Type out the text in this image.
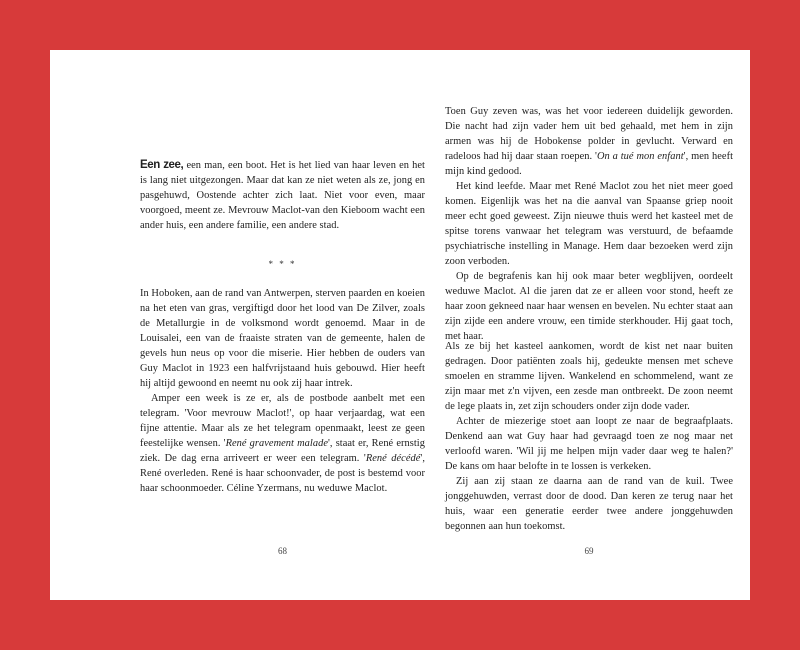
Een zee, een man, een boot. Het is het lied van haar leven en het is lang niet uitgezongen. Maar dat kan ze niet weten als ze, jong en pasgehuwd, Oostende achter zich laat. Niet voor even, maar voorgoed, meent ze. Mevrouw Maclot-van den Kieboom wacht een ander huis, een andere familie, een andere stad.

* * *

In Hoboken, aan de rand van Antwerpen, sterven paarden en koeien na het eten van gras, vergiftigd door het lood van De Zilver, zoals de Metallurgie in de volksmond wordt genoemd. Maar in de Louisalei, een van de fraaiste straten van de gemeente, halen de gevels hun neus op voor die miserie. Hier hebben de ouders van Guy Maclot in 1923 een halfvrijstaand huis gebouwd. Hier heeft hij altijd gewoond en neemt nu ook zij haar intrek.

Amper een week is ze er, als de postbode aanbelt met een telegram. 'Voor mevrouw Maclot!', op haar verjaardag, wat een fijne attentie. Maar als ze het telegram openmaakt, leest ze geen feestelijke wensen. 'René gravement malade', staat er, René ernstig ziek. De dag erna arriveert er weer een telegram. 'René décédé', René overleden. René is haar schoonvader, de post is bestemd voor haar schoonmoeder. Céline Yzermans, nu weduwe Maclot.

68

Toen Guy zeven was, was het voor iedereen duidelijk geworden. Die nacht had zijn vader hem uit bed gehaald, met hem in zijn armen was hij de Hobokense polder in gevlucht. Verward en radeloos had hij daar staan roepen. 'On a tué mon enfant', men heeft mijn kind gedood.

Het kind leefde. Maar met René Maclot zou het niet meer goed komen. Eigenlijk was het na die aanval van Spaanse griep nooit meer echt goed geweest. Zijn nieuwe thuis werd het kasteel met de spitse torens vanwaar het telegram was verstuurd, de befaamde psychiatrische instelling in Manage. Hem daar bezoeken werd zijn zoon verboden.

Op de begrafenis kan hij ook maar beter wegblijven, oordeelt weduwe Maclot. Al die jaren dat ze er alleen voor stond, heeft ze haar zoon gekneed naar haar wensen en bevelen. Nu echter staat aan zijn zijde een andere vrouw, een timide sterkhouder. Hij gaat toch, met haar.

Als ze bij het kasteel aankomen, wordt de kist net naar buiten gedragen. Door patiënten zoals hij, gedeukte mensen met scheve smoelen en stramme lijven. Wankelend en schommelend, want ze zijn maar met z'n vijven, een zesde man ontbreekt. De zoon neemt de lege plaats in, zet zijn schouders onder zijn dode vader.

Achter de miezerige stoet aan loopt ze naar de begraafplaats. Denkend aan wat Guy haar had gevraagd toen ze nog maar net verloofd waren. 'Wil jij me helpen mijn vader daar weg te halen?' De kans om haar belofte in te lossen is verkeken.

Zij aan zij staan ze daarna aan de rand van de kuil. Twee jonggehuwden, verrast door de dood. Dan keren ze terug naar het huis, waar een generatie eerder twee andere jonggehuwden begonnen aan hun toekomst.

69
